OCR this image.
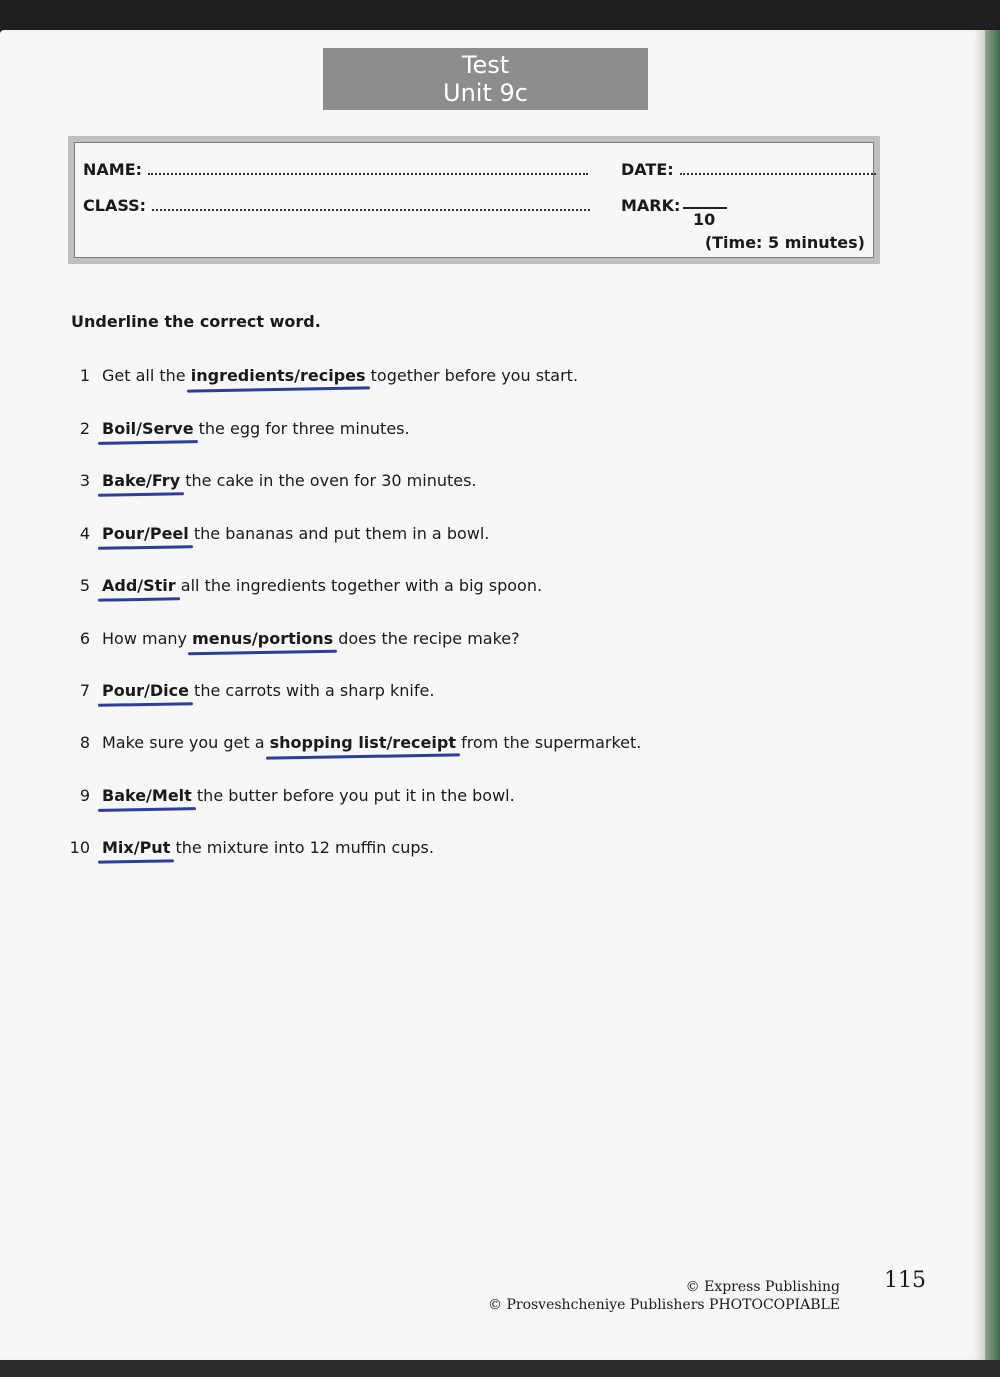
Test
Unit 9c
NAME:	DATE:
CLASS:	MARK:
10
(Time: 5 minutes)
Underline the correct word.
1 Get all the ingredients/recipes together before you start.
2 Boil/Serve the egg for three minutes.
3 Bake/Fry the cake in the oven for 30 minutes.
4 Pour/Peel the bananas and put them in a bowl.
5 Add/Stir all the ingredients together with a big spoon.
6 How many menus/portions does the recipe make?
7 Pour/Dice the carrots with a sharp knife.
8 Make sure you get a shopping list/receipt from the supermarket.
9 Bake/Melt the butter before you put it in the bowl.
10 Mix/Put the mixture into 12 muffin cups.
© Express Publishing
© Prosveshcheniye Publishers PHOTOCOPIABLE
115
